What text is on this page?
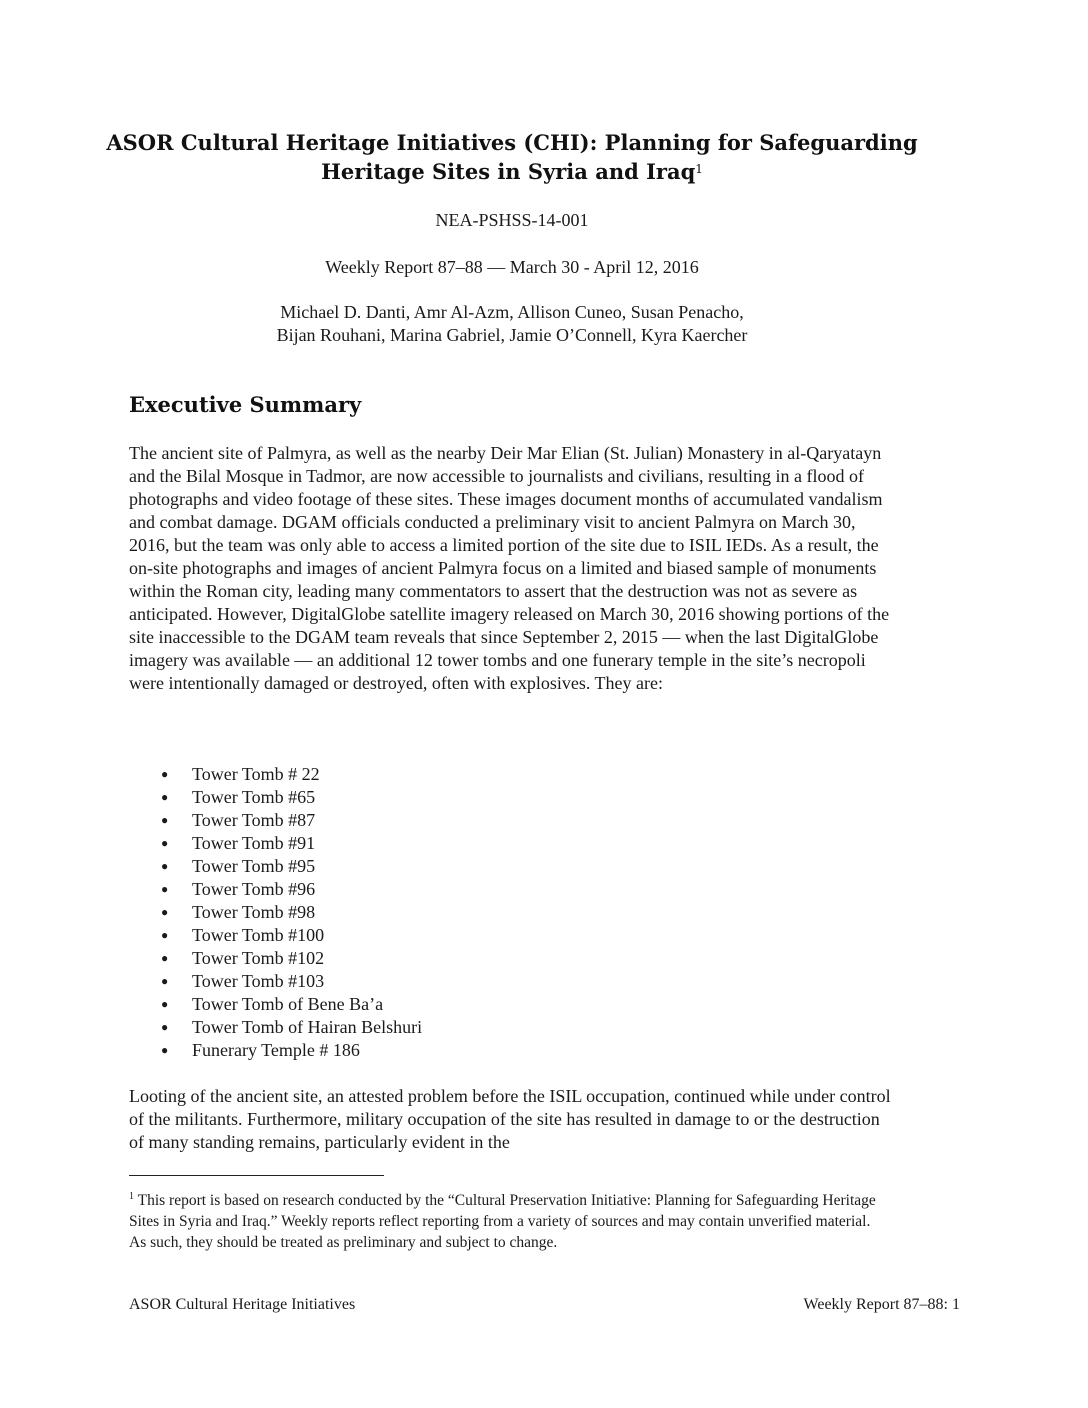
ASOR Cultural Heritage Initiatives (CHI): Planning for Safeguarding
Heritage Sites in Syria and Iraq$^1$
NEA-PSHSS-14-001
Weekly Report 87–88 — March 30 - April 12, 2016
Michael D. Danti, Amr Al-Azm, Allison Cuneo, Susan Penacho,
Bijan Rouhani, Marina Gabriel, Jamie O’Connell, Kyra Kaercher
Executive Summary

The ancient site of Palmyra, as well as the nearby Deir Mar Elian (St. Julian) Monastery in al-Qaryatayn and the Bilal Mosque in Tadmor, are now accessible to journalists and civilians, resulting in a flood of photographs and video footage of these sites. These images document months of accumulated vandalism and combat damage. DGAM officials conducted a preliminary visit to ancient Palmyra on March 30, 2016, but the team was only able to access a limited portion of the site due to ISIL IEDs. As a result, the on-site photographs and images of ancient Palmyra focus on a limited and biased sample of monuments within the Roman city, leading many commentators to assert that the destruction was not as severe as anticipated. However, DigitalGlobe satellite imagery released on March 30, 2016 showing portions of the site inaccessible to the DGAM team reveals that since September 2, 2015 — when the last DigitalGlobe imagery was available — an additional 12 tower tombs and one funerary temple in the site’s necropoli were intentionally damaged or destroyed, often with explosives. They are:

● Tower Tomb # 22
● Tower Tomb #65
● Tower Tomb #87
● Tower Tomb #91
● Tower Tomb #95
● Tower Tomb #96
● Tower Tomb #98
● Tower Tomb #100
● Tower Tomb #102
● Tower Tomb #103
● Tower Tomb of Bene Ba’a
● Tower Tomb of Hairan Belshuri
● Funerary Temple # 186

Looting of the ancient site, an attested problem before the ISIL occupation, continued while under control of the militants. Furthermore, military occupation of the site has resulted in damage to or the destruction of many standing remains, particularly evident in the

$^1$ This report is based on research conducted by the “Cultural Preservation Initiative: Planning for Safeguarding Heritage Sites in Syria and Iraq.” Weekly reports reflect reporting from a variety of sources and may contain unverified material. As such, they should be treated as preliminary and subject to change.

ASOR Cultural Heritage Initiatives	Weekly Report 87–88: 1
